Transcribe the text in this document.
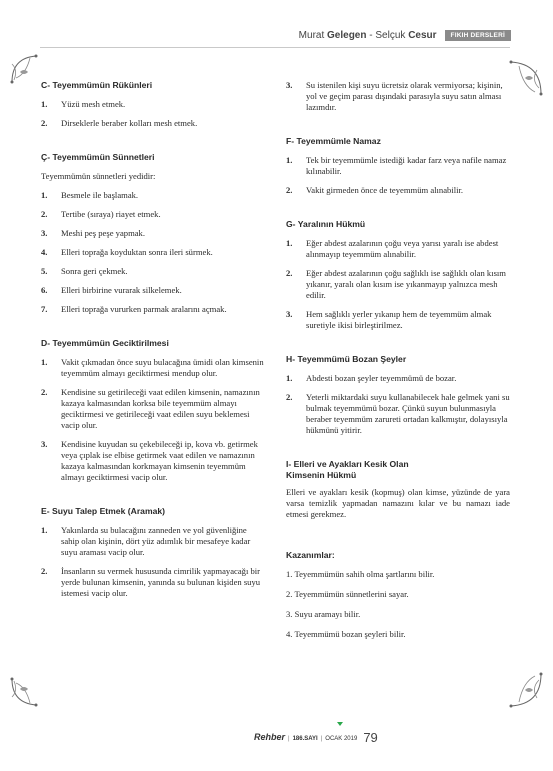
Murat
Gelegen
-
Selçuk
Cesur	FIKIH DERSLERİ
C- Teyemmümün Rükünleri
1.	Yüzü mesh etmek.
2.	Dirseklerle beraber kolları mesh etmek.
Ç- Teyemmümün Sünnetleri

Teyemmümün sünnetleri yedidir:

1.	Besmele ile başlamak.
2.	Tertibe (sıraya) riayet etmek.
3.	Meshi peş peşe yapmak.
4.	Elleri toprağa koyduktan sonra ileri sürmek.
5.	Sonra geri çekmek.
6.	Elleri birbirine vurarak silkelemek.
7.	Elleri toprağa vururken parmak aralarını açmak.
D- Teyemmümün Geciktirilmesi
1.	Vakit çıkmadan önce suyu bulacağına ümidi olan kimsenin teyemmüm almayı geciktirmesi mendup olur.
2.	Kendisine su getirileceği vaat edilen kimsenin, namazının kazaya kalmasından korksa bile teyemmüm almayı geciktirmesi ve getirileceği vaat edilen suyu beklemesi vacip olur.
3.	Kendisine kuyudan su çekebileceği ip, kova vb. getirmek veya çıplak ise elbise getirmek vaat edilen ve namazının kazaya kalmasından korkmayan kimsenin teyemmüm almayı geciktirmesi vacip olur.
E- Suyu Talep Etmek (Aramak)
1.	Yakınlarda su bulacağını zanneden ve yol güvenliğine sahip olan kişinin, dört yüz adımlık bir mesafeye kadar suyu araması vacip olur.
2.	İnsanların su vermek hususunda cimrilik yapmayacağı bir yerde bulunan kimsenin, yanında su bulunan kişiden suyu istemesi vacip olur.
3.	Su istenilen kişi suyu ücretsiz olarak vermiyorsa; kişinin, yol ve geçim parası dışındaki parasıyla suyu satın alması lazımdır.
F- Teyemmümle Namaz
1.	Tek bir teyemmümle istediği kadar farz veya nafile namaz kılınabilir.
2.	Vakit girmeden önce de teyemmüm alınabilir.
G- Yaralının Hükmü
1.	Eğer abdest azalarının çoğu veya yarısı yaralı ise abdest alınmayıp teyemmüm alınabilir.
2.	Eğer abdest azalarının çoğu sağlıklı ise sağlıklı olan kısım yıkanır, yaralı olan kısım ise yıkanmayıp yalnızca mesh edilir.
3.	Hem sağlıklı yerler yıkanıp hem de teyemmüm almak suretiyle ikisi birleştirilmez.
H- Teyemmümü Bozan Şeyler
1.	Abdesti bozan şeyler teyemmümü de bozar.
2.	Yeterli miktardaki suyu kullanabilecek hale gelmek yani su bulmak teyemmümü bozar. Çünkü suyun bulunmasıyla beraber teyemmüm zarureti ortadan kalkmıştır, dolayısıyla hükmünü yitirir.
I- Elleri ve Ayakları Kesik Olan
Kimsenin Hükmü

Elleri ve ayakları kesik (kopmuş) olan kimse, yüzünde de yara varsa temizlik yapmadan namazını kılar ve bu namazı iade etmesi gerekmez.

Kazanımlar:
1. Teyemmümün sahih olma şartlarını bilir.
2. Teyemmümün sünnetlerini sayar.
3. Suyu aramayı bilir.
4. Teyemmümü bozan şeyleri bilir.
Rehber | 186.SAYI | OCAK 2019 79
